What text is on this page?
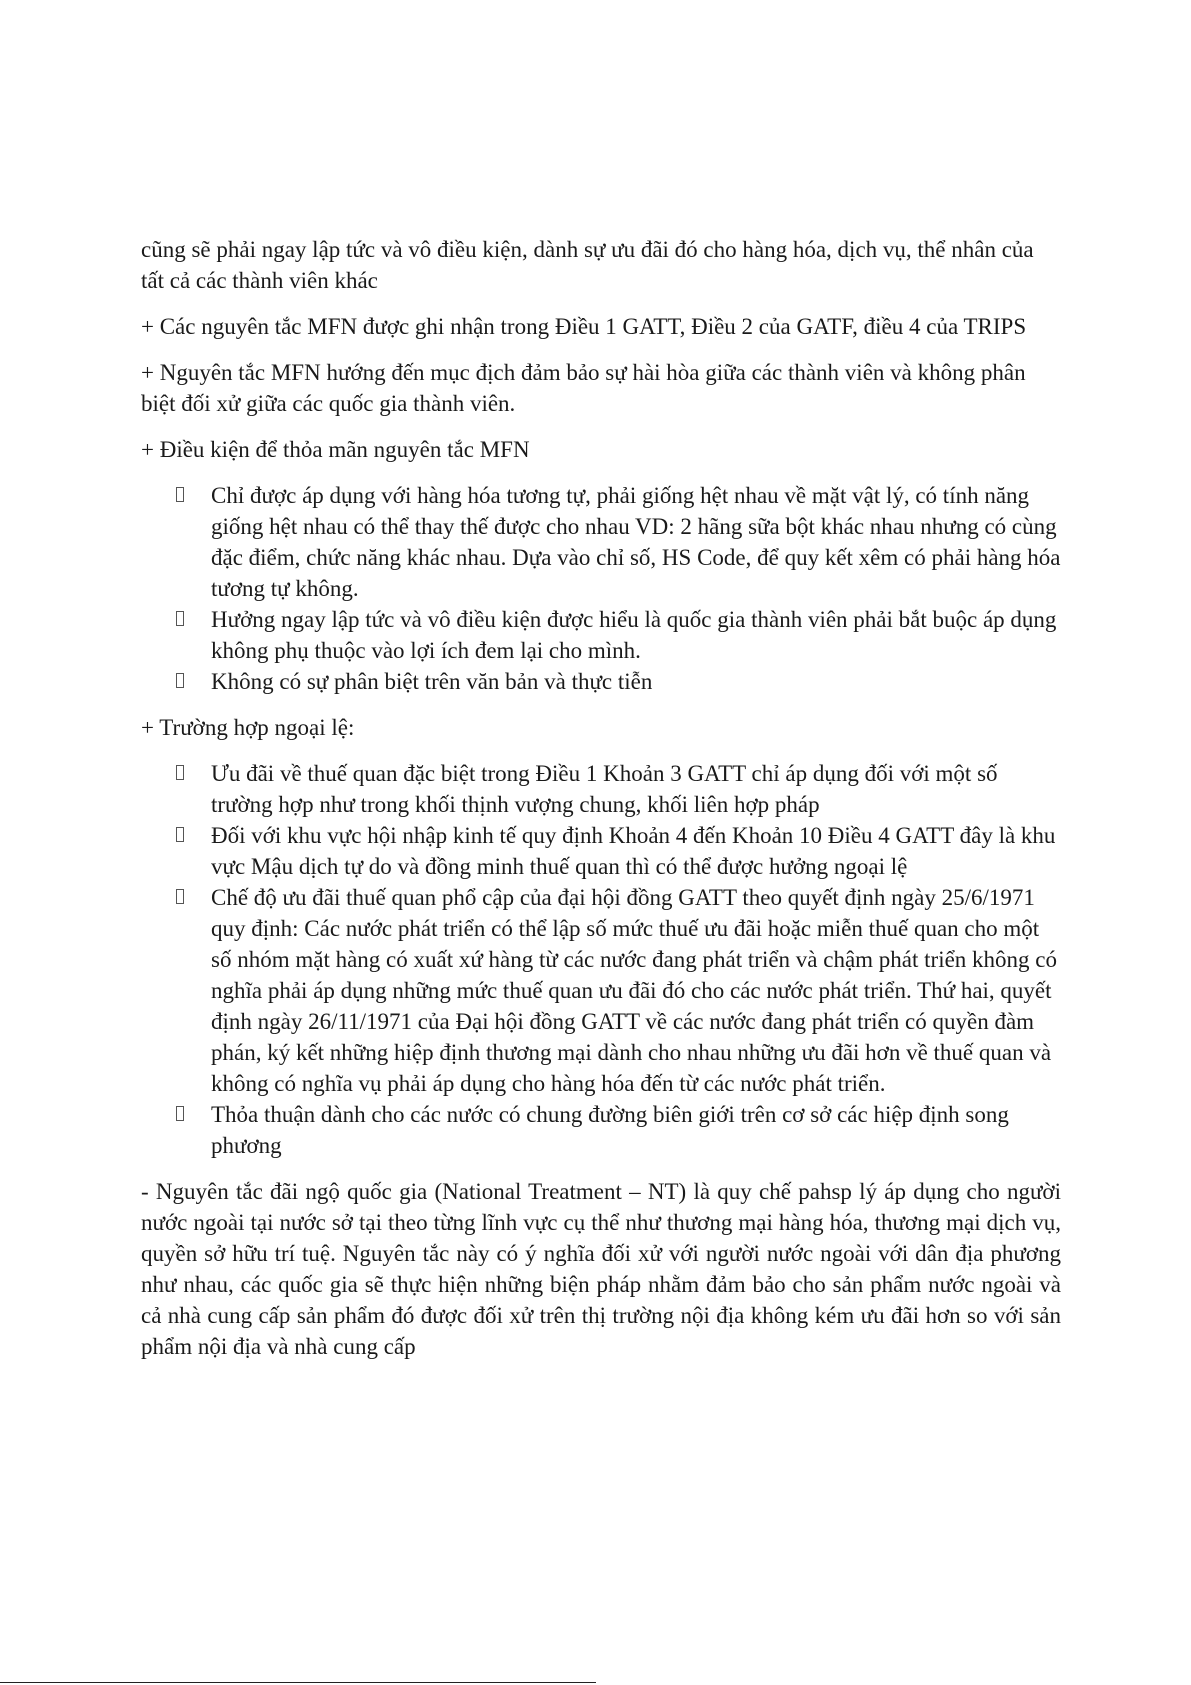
cũng sẽ phải ngay lập tức và vô điều kiện, dành sự ưu đãi đó cho hàng hóa, dịch vụ, thể nhân của tất cả các thành viên khác

+ Các nguyên tắc MFN được ghi nhận trong Điều 1 GATT, Điều 2 của GATF, điều 4 của TRIPS

+ Nguyên tắc MFN hướng đến mục địch đảm bảo sự hài hòa giữa các thành viên và không phân biệt đối xử giữa các quốc gia thành viên.

+ Điều kiện để thỏa mãn nguyên tắc MFN

Chỉ được áp dụng với hàng hóa tương tự, phải giống hệt nhau về mặt vật lý, có tính năng giống hệt nhau có thể thay thế được cho nhau VD: 2 hãng sữa bột khác nhau nhưng có cùng đặc điểm, chức năng khác nhau. Dựa vào chỉ số, HS Code, để quy kết xêm có phải hàng hóa tương tự không.
Hưởng ngay lập tức và vô điều kiện được hiểu là quốc gia thành viên phải bắt buộc áp dụng không phụ thuộc vào lợi ích đem lại cho mình.
Không có sự phân biệt trên văn bản và thực tiễn

+ Trường hợp ngoại lệ:

Ưu đãi về thuế quan đặc biệt trong Điều 1 Khoản 3 GATT chỉ áp dụng đối với một số trường hợp như trong khối thịnh vượng chung, khối liên hợp pháp
Đối với khu vực hội nhập kinh tế quy định Khoản 4 đến Khoản 10 Điều 4 GATT đây là khu vực Mậu dịch tự do và đồng minh thuế quan thì có thể được hưởng ngoại lệ
Chế độ ưu đãi thuế quan phổ cập của đại hội đồng GATT theo quyết định ngày 25/6/1971 quy định: Các nước phát triển có thể lập số mức thuế ưu đãi hoặc miễn thuế quan cho một số nhóm mặt hàng có xuất xứ hàng từ các nước đang phát triển và chậm phát triển không có nghĩa phải áp dụng những mức thuế quan ưu đãi đó cho các nước phát triển. Thứ hai, quyết định ngày 26/11/1971 của Đại hội đồng GATT về các nước đang phát triển có quyền đàm phán, ký kết những hiệp định thương mại dành cho nhau những ưu đãi hơn về thuế quan và không có nghĩa vụ phải áp dụng cho hàng hóa đến từ các nước phát triển.
Thỏa thuận dành cho các nước có chung đường biên giới trên cơ sở các hiệp định song phương

- Nguyên tắc đãi ngộ quốc gia (National Treatment – NT) là quy chế pahsp lý áp dụng cho người nước ngoài tại nước sở tại theo từng lĩnh vực cụ thể như thương mại hàng hóa, thương mại dịch vụ, quyền sở hữu trí tuệ. Nguyên tắc này có ý nghĩa đối xử với người nước ngoài với dân địa phương như nhau, các quốc gia sẽ thực hiện những biện pháp nhằm đảm bảo cho sản phẩm nước ngoài và cả nhà cung cấp sản phẩm đó được đối xử trên thị trường nội địa không kém ưu đãi hơn so với sản phẩm nội địa và nhà cung cấp
